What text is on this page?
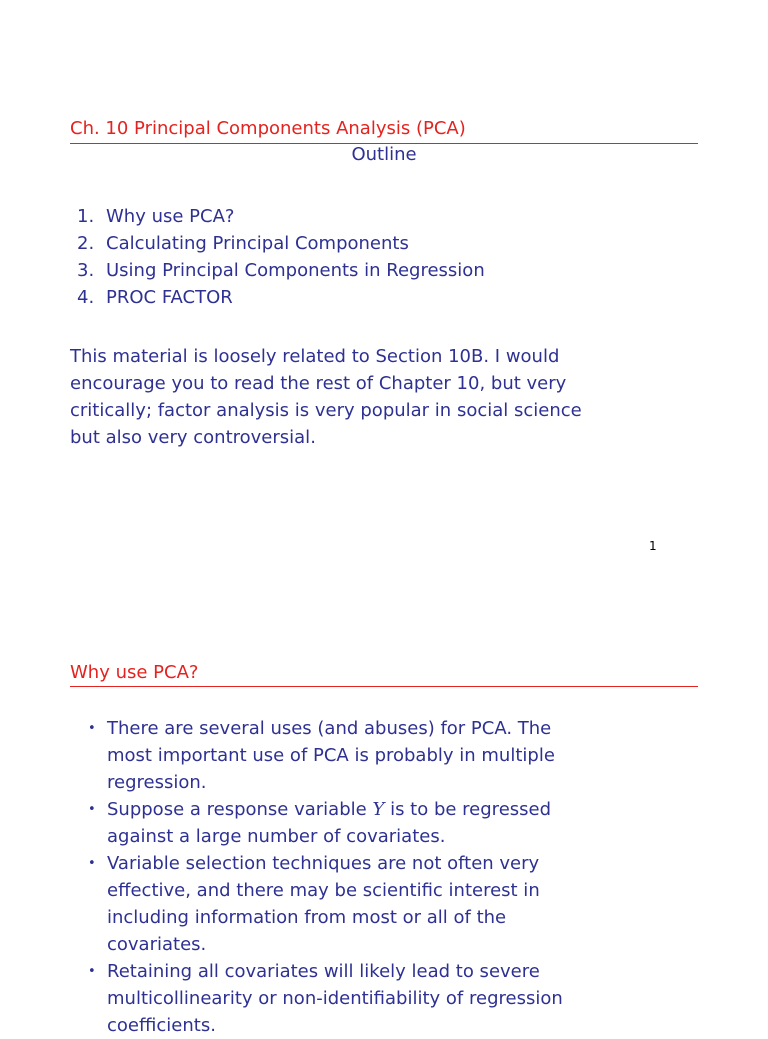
Ch. 10 Principal Components Analysis (PCA)
Outline
1. Why use PCA?
2. Calculating Principal Components
3. Using Principal Components in Regression
4. PROC FACTOR

This material is loosely related to Section 10B. I would
encourage you to read the rest of Chapter 10, but very
critically; factor analysis is very popular in social science
but also very controversial.

1
Why use PCA?
• There are several uses (and abuses) for PCA. The
most important use of PCA is probably in multiple
regression.
• Suppose a response variable Y is to be regressed
against a large number of covariates.
• Variable selection techniques are not often very
effective, and there may be scientific interest in
including information from most or all of the
covariates.
• Retaining all covariates will likely lead to severe
multicollinearity or non-identifiability of regression
coefficients.
